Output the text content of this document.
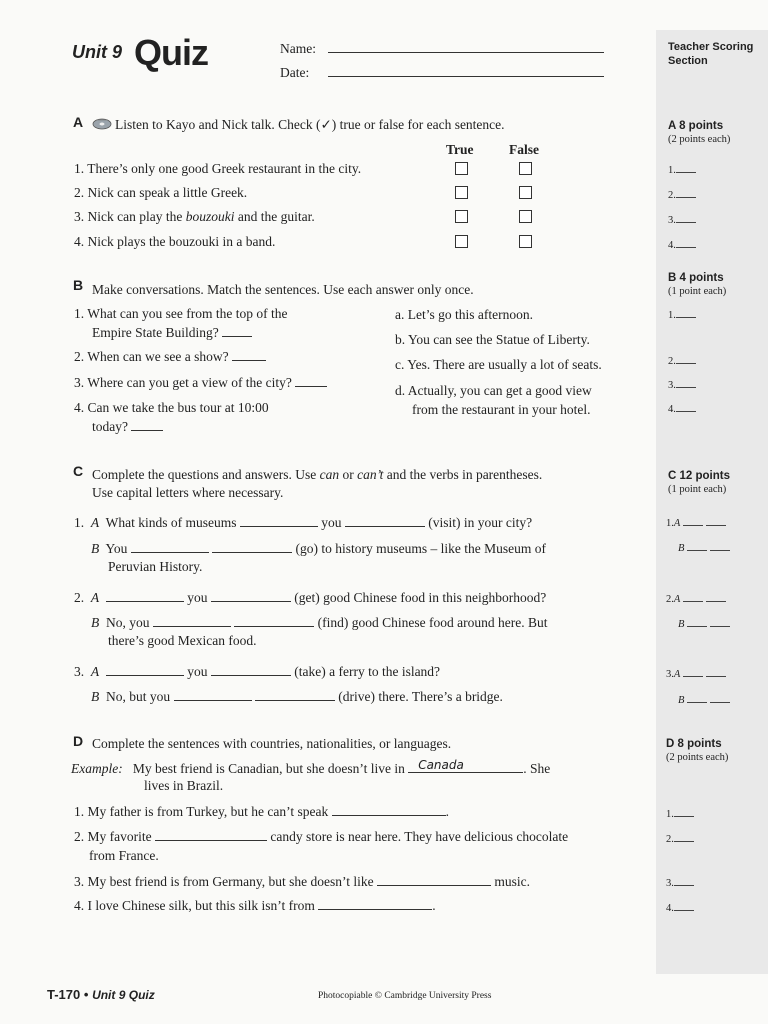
Teacher Scoring
Section
Unit 9 Quiz	Name:
Date:
A Listen to Kayo and Nick talk. Check (✓) true or false for each sentence.
True	False
1. There’s only one good Greek restaurant in the city.
2. Nick can speak a little Greek.
3. Nick can play the bouzouki and the guitar.
4. Nick plays the bouzouki in a band.
B Make conversations. Match the sentences. Use each answer only once.
1. What can you see from the top of the
Empire State Building?
2. When can we see a show?
3. Where can you get a view of the city?
4. Can we take the bus tour at 10:00
today?
a. Let’s go this afternoon.
b. You can see the Statue of Liberty.
c. Yes. There are usually a lot of seats.
d. Actually, you can get a good view
from the restaurant in your hotel.
C Complete the questions and answers. Use can or can’t and the verbs in parentheses.
Use capital letters where necessary.
1. A What kinds of museums	you	(visit) in your city?
B You	(go) to history museums – like the Museum of
Peruvian History.
2. A	you	(get) good Chinese food in this neighborhood?
B No, you	(find) good Chinese food around here. But
there’s good Mexican food.
3. A	you	(take) a ferry to the island?
B No, but you	(drive) there. There’s a bridge.
D Complete the sentences with countries, nationalities, or languages.
Example: My best friend is Canadian, but she doesn’t live in Canada	. She
lives in Brazil.
1. My father is from Turkey, but he can’t speak	.
2. My favorite	candy store is near here. They have delicious chocolate
from France.
3. My best friend is from Germany, but she doesn’t like	music.
4. I love Chinese silk, but this silk isn’t from	.
A 8 points
(2 points each)
1.
2.
3.
4.
B 4 points
(1 point each)
1.
2.
3.
4.
C 12 points
(1 point each)
1.A
B
2.A
B
3.A
B
D 8 points
(2 points each)
1.
2.
3.
4.
T-170 • Unit 9 Quiz	Photocopiable © Cambridge University Press
